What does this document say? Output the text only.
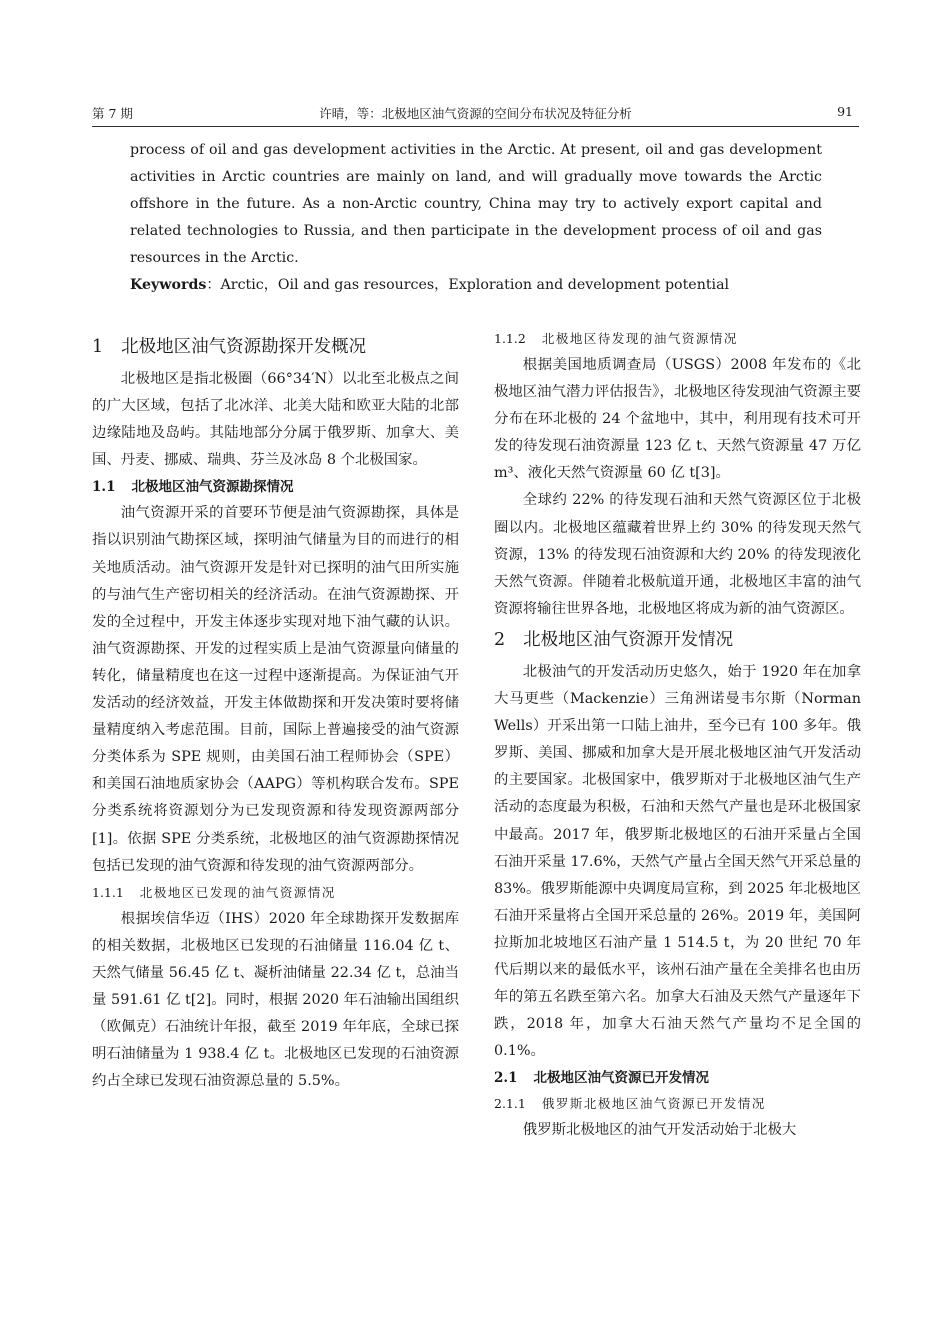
第 7 期	许晴，等：北极地区油气资源的空间分布状况及特征分析	91

process of oil and gas development activities in the Arctic. At present, oil and gas development activities in Arctic countries are mainly on land, and will gradually move towards the Arctic offshore in the future. As a non-Arctic country, China may try to actively export capital and related technologies to Russia, and then participate in the development process of oil and gas resources in the Arctic.

Keywords：Arctic，Oil and gas resources，Exploration and development potential

1 北极地区油气资源勘探开发概况

北极地区是指北极圈（66°34′N）以北至北极点之间的广大区域，包括了北冰洋、北美大陆和欧亚大陆的北部边缘陆地及岛屿。其陆地部分分属于俄罗斯、加拿大、美国、丹麦、挪威、瑞典、芬兰及冰岛 8 个北极国家。

1.1 北极地区油气资源勘探情况

油气资源开采的首要环节便是油气资源勘探，具体是指以识别油气勘探区域，探明油气储量为目的而进行的相关地质活动。油气资源开发是针对已探明的油气田所实施的与油气生产密切相关的经济活动。在油气资源勘探、开发的全过程中，开发主体逐步实现对地下油气藏的认识。油气资源勘探、开发的过程实质上是油气资源量向储量的转化，储量精度也在这一过程中逐渐提高。为保证油气开发活动的经济效益，开发主体做勘探和开发决策时要将储量精度纳入考虑范围。目前，国际上普遍接受的油气资源分类体系为 SPE 规则，由美国石油工程师协会（SPE）和美国石油地质家协会（AAPG）等机构联合发布。SPE 分类系统将资源划分为已发现资源和待发现资源两部分[1]。依据 SPE 分类系统，北极地区的油气资源勘探情况包括已发现的油气资源和待发现的油气资源两部分。

1.1.1 北极地区已发现的油气资源情况

根据埃信华迈（IHS）2020 年全球勘探开发数据库的相关数据，北极地区已发现的石油储量 116.04 亿 t、天然气储量 56.45 亿 t、凝析油储量 22.34 亿 t，总油当量 591.61 亿 t[2]。同时，根据 2020 年石油输出国组织（欧佩克）石油统计年报，截至 2019 年年底，全球已探明石油储量为 1 938.4 亿 t。北极地区已发现的石油资源约占全球已发现石油资源总量的 5.5%。

1.1.2 北极地区待发现的油气资源情况

根据美国地质调查局（USGS）2008 年发布的《北极地区油气潜力评估报告》，北极地区待发现油气资源主要分布在环北极的 24 个盆地中，其中，利用现有技术可开发的待发现石油资源量 123 亿 t、天然气资源量 47 万亿 m³、液化天然气资源量 60 亿 t[3]。

全球约 22% 的待发现石油和天然气资源区位于北极圈以内。北极地区蕴藏着世界上约 30% 的待发现天然气资源，13% 的待发现石油资源和大约 20% 的待发现液化天然气资源。伴随着北极航道开通，北极地区丰富的油气资源将输往世界各地，北极地区将成为新的油气资源区。

2 北极地区油气资源开发情况

北极油气的开发活动历史悠久，始于 1920 年在加拿大马更些（Mackenzie）三角洲诺曼韦尔斯（Norman Wells）开采出第一口陆上油井，至今已有 100 多年。俄罗斯、美国、挪威和加拿大是开展北极地区油气开发活动的主要国家。北极国家中，俄罗斯对于北极地区油气生产活动的态度最为积极，石油和天然气产量也是环北极国家中最高。2017 年，俄罗斯北极地区的石油开采量占全国石油开采量 17.6%，天然气产量占全国天然气开采总量的 83%。俄罗斯能源中央调度局宣称，到 2025 年北极地区石油开采量将占全国开采总量的 26%。2019 年，美国阿拉斯加北坡地区石油产量 1 514.5 t，为 20 世纪 70 年代后期以来的最低水平，该州石油产量在全美排名也由历年的第五名跌至第六名。加拿大石油及天然气产量逐年下跌，2018 年，加拿大石油天然气产量均不足全国的 0.1%。

2.1 北极地区油气资源已开发情况
2.1.1 俄罗斯北极地区油气资源已开发情况

俄罗斯北极地区的油气开发活动始于北极大
